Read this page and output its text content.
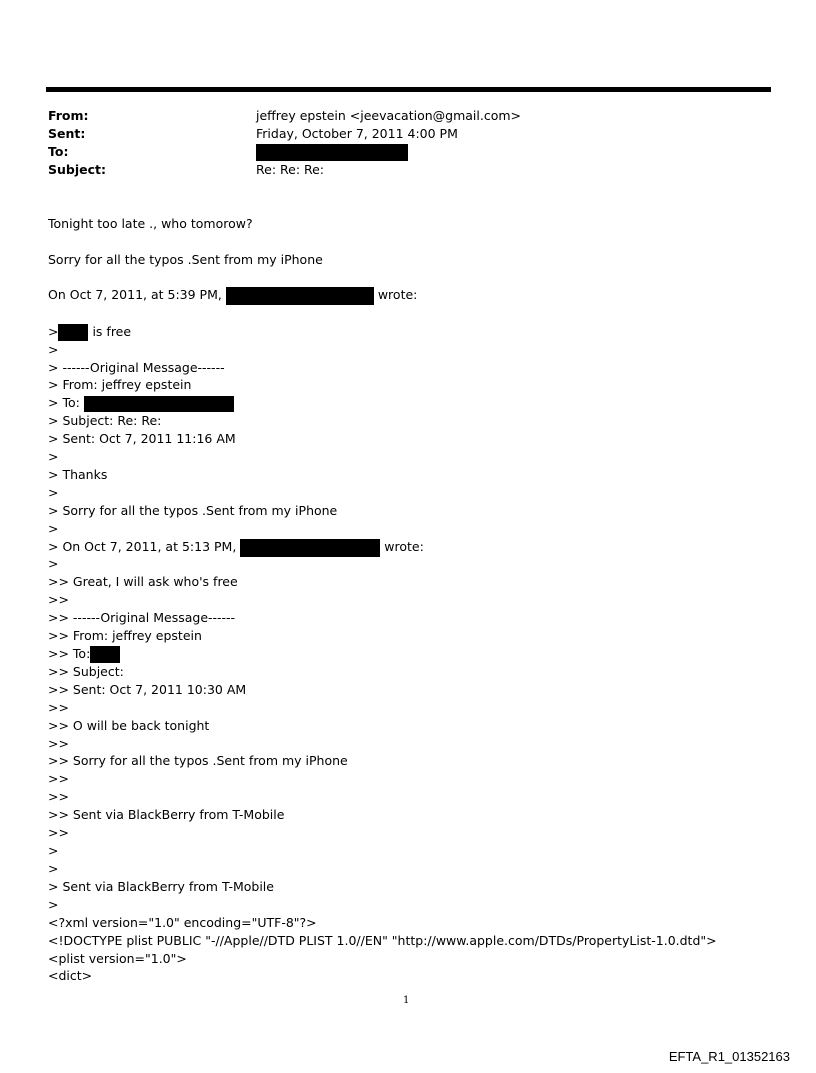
From:	jeffrey epstein <jeevacation@gmail.com>
Sent:	Friday, October 7, 2011 4:00 PM
To:
Subject:	Re: Re: Re:
Tonight too late ., who tomorow?
Sorry for all the typos .Sent from my iPhone
On Oct 7, 2011, at 5:39 PM,	wrote:
> is free
>
> ------Original Message------
> From: jeffrey epstein
> To:
> Subject: Re: Re:
> Sent: Oct 7, 2011 11:16 AM
>
> Thanks
>
> Sorry for all the typos .Sent from my iPhone
>
> On Oct 7, 2011, at 5:13 PM,	wrote:
>
>> Great, I will ask who's free
>>
>> ------Original Message------
>> From: jeffrey epstein
>> To:
>> Subject:
>> Sent: Oct 7, 2011 10:30 AM
>>
>> O will be back tonight
>>
>> Sorry for all the typos .Sent from my iPhone
>>
>>
>> Sent via BlackBerry from T-Mobile
>>
>
>
> Sent via BlackBerry from T-Mobile
>
<?xml version="1.0" encoding="UTF-8"?>
<!DOCTYPE plist PUBLIC "-//Apple//DTD PLIST 1.0//EN" "http://www.apple.com/DTDs/PropertyList-1.0.dtd">
<plist version="1.0">
<dict>
1
EFTA_R1_01352163
